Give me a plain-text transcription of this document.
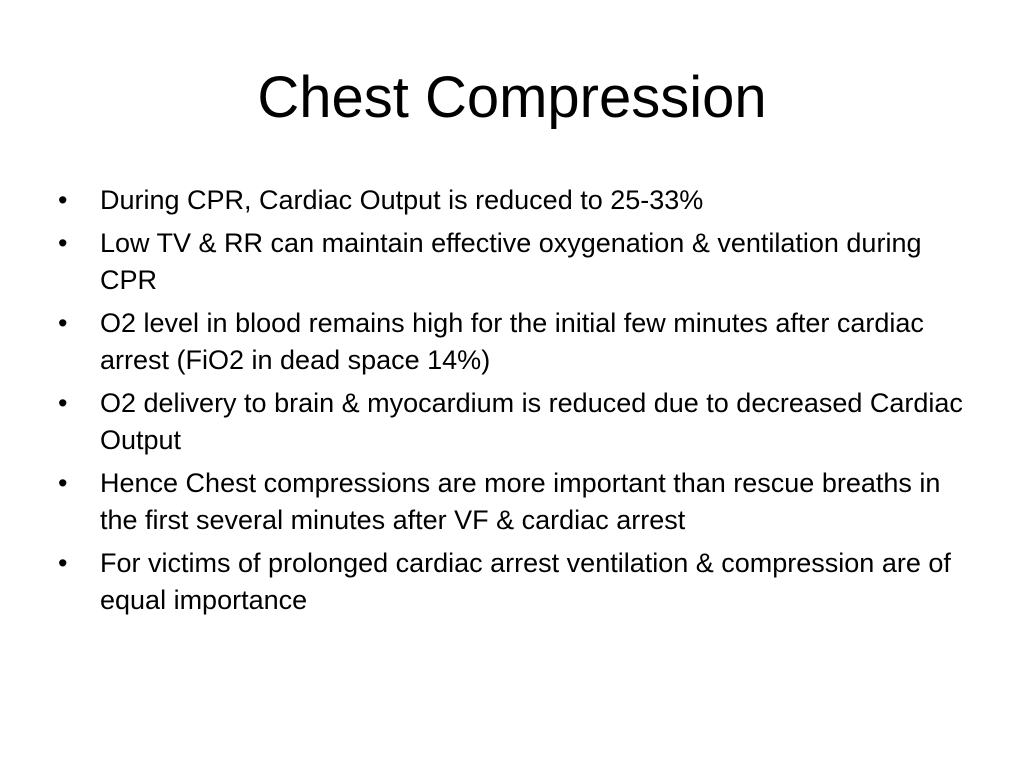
Chest Compression
•	During CPR, Cardiac Output is reduced to 25-33%
•	Low TV & RR can maintain effective oxygenation & ventilation during CPR
•	O2 level in blood remains high for the initial few minutes after cardiac arrest (FiO2 in dead space 14%)
•	O2 delivery to brain & myocardium is reduced due to decreased Cardiac Output
•	Hence Chest compressions are more important than rescue breaths in the first several minutes after VF & cardiac arrest
•	For victims of prolonged cardiac arrest ventilation & compression are of equal importance
